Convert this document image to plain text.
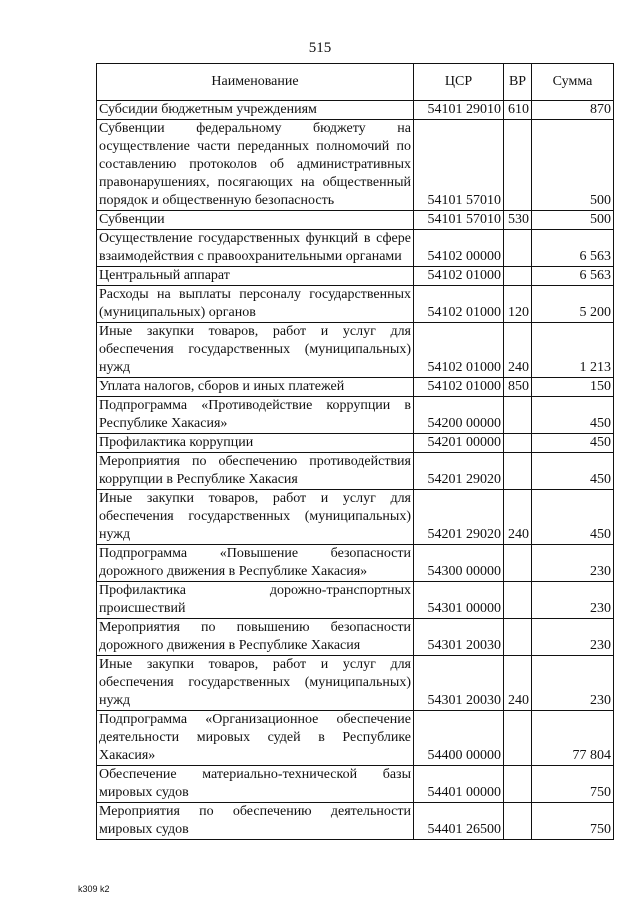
515
Наименование	ЦСР	ВР	Сумма
Субсидии бюджетным учреждениям	54101 29010	610	870
Субвенции федеральному бюджету на осуществление части переданных полномочий по составлению протоколов об административных правонарушениях, посягающих на общественный порядок и общественную безопасность	54101 57010		500
Субвенции	54101 57010	530	500
Осуществление государственных функций в сфере взаимодействия с правоохранительными органами	54102 00000		6 563
Центральный аппарат	54102 01000		6 563
Расходы на выплаты персоналу государственных (муниципальных) органов	54102 01000	120	5 200
Иные закупки товаров, работ и услуг для обеспечения государственных (муниципальных) нужд	54102 01000	240	1 213
Уплата налогов, сборов и иных платежей	54102 01000	850	150
Подпрограмма «Противодействие коррупции в Республике Хакасия»	54200 00000		450
Профилактика коррупции	54201 00000		450
Мероприятия по обеспечению противодействия коррупции в Республике Хакасия	54201 29020		450
Иные закупки товаров, работ и услуг для обеспечения государственных (муниципальных) нужд	54201 29020	240	450
Подпрограмма «Повышение безопасности дорожного движения в Республике Хакасия»	54300 00000		230
Профилактика дорожно-транспортных происшествий	54301 00000		230
Мероприятия по повышению безопасности дорожного движения в Республике Хакасия	54301 20030		230
Иные закупки товаров, работ и услуг для обеспечения государственных (муниципальных) нужд	54301 20030	240	230
Подпрограмма «Организационное обеспечение деятельности мировых судей в Республике Хакасия»	54400 00000		77 804
Обеспечение материально-технической базы мировых судов	54401 00000		750
Мероприятия по обеспечению деятельности мировых судов	54401 26500		750
k309 k2
